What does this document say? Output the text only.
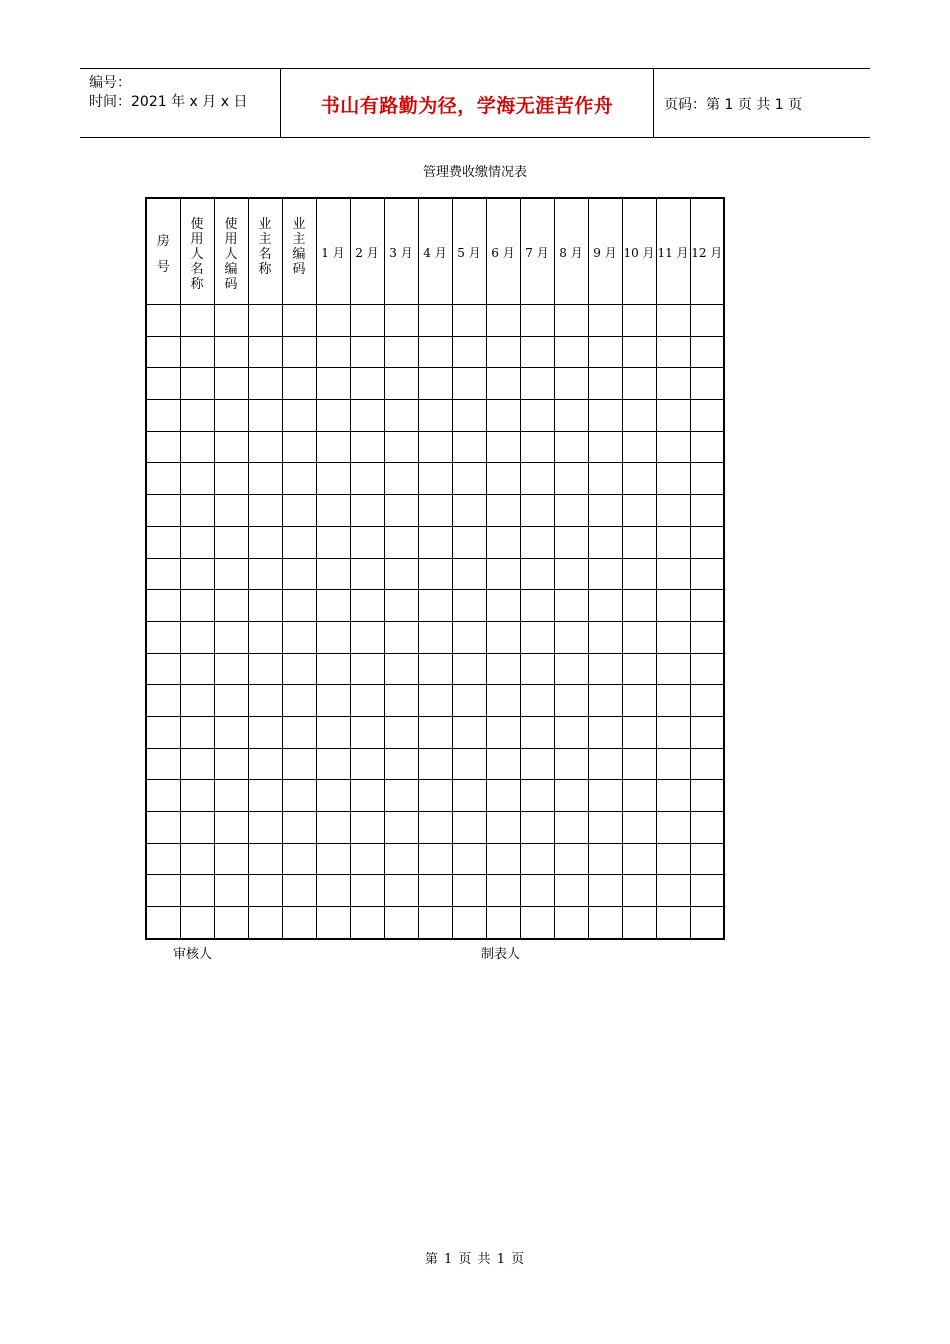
编号：
时间：2021 年 x 月 x 日	书山有路勤为径，学海无涯苦作舟	页码：第 1 页 共 1 页
管理费收缴情况表
房号	使用人名称	使用人编码	业主名称	业主编码	1 月	2 月	3 月	4 月	5 月	6 月	7 月	8 月	9 月	10 月	11 月	12 月

审核人	制表人
第 1 页 共 1 页
